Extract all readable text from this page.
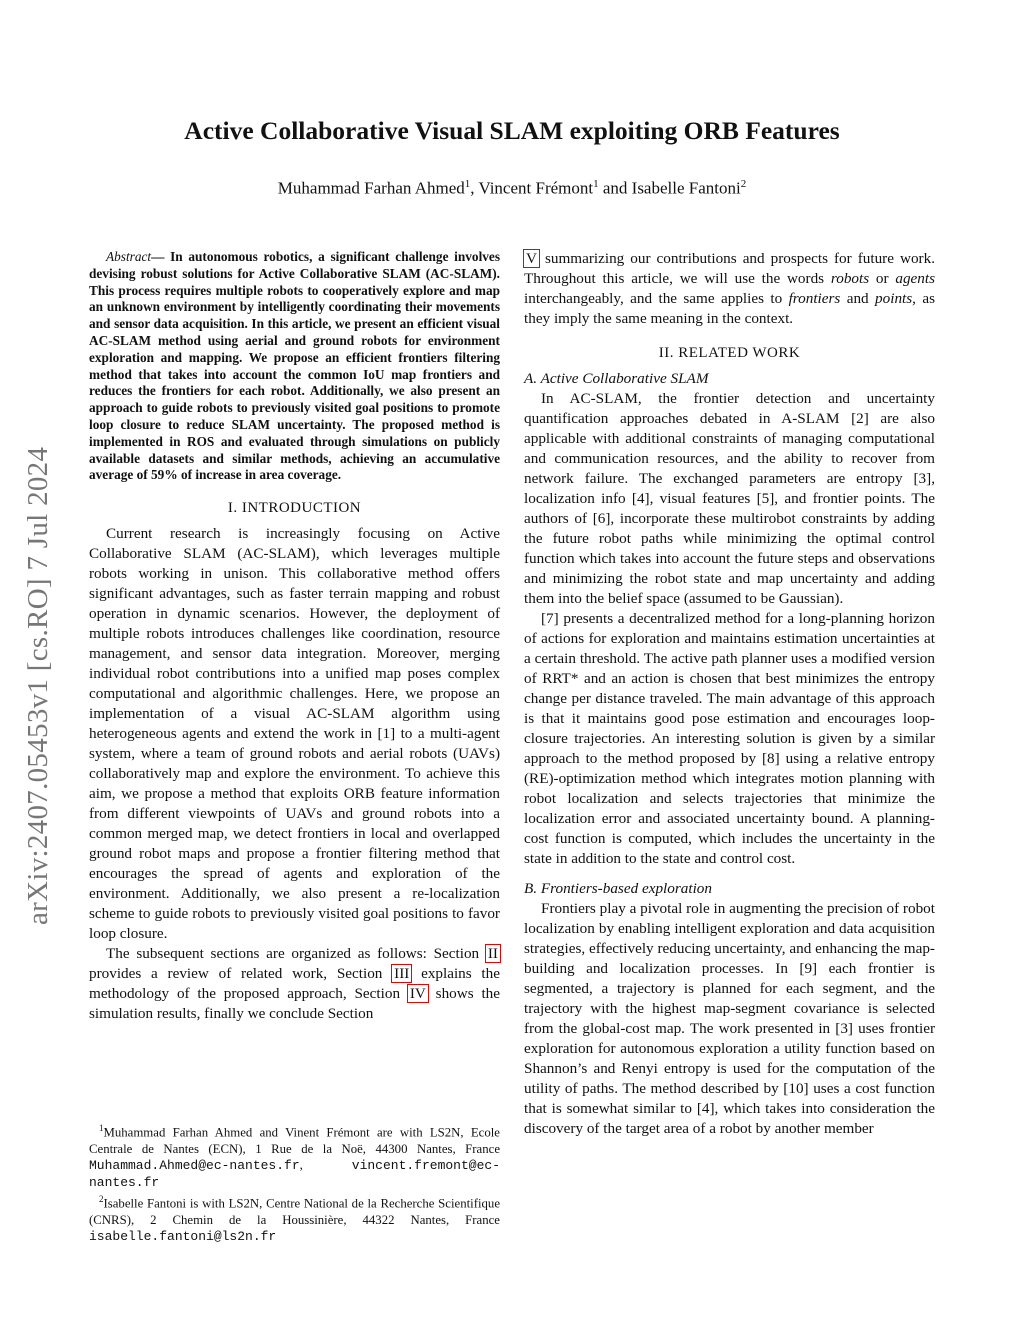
arXiv:2407.05453v1 [cs.RO] 7 Jul 2024
Active Collaborative Visual SLAM exploiting ORB Features
Muhammad Farhan Ahmed$^1$, Vincent Frémont$^1$ and Isabelle Fantoni$^2$

Abstract— In autonomous robotics, a significant challenge involves devising robust solutions for Active Collaborative SLAM (AC-SLAM). This process requires multiple robots to cooperatively explore and map an unknown environment by intelligently coordinating their movements and sensor data acquisition. In this article, we present an efficient visual AC-SLAM method using aerial and ground robots for environment exploration and mapping. We propose an efficient frontiers filtering method that takes into account the common IoU map frontiers and reduces the frontiers for each robot. Additionally, we also present an approach to guide robots to previously visited goal positions to promote loop closure to reduce SLAM uncertainty. The proposed method is implemented in ROS and evaluated through simulations on publicly available datasets and similar methods, achieving an accumulative average of 59% of increase in area coverage.

I. INTRODUCTION

Current research is increasingly focusing on Active Collaborative SLAM (AC-SLAM), which leverages multiple robots working in unison. This collaborative method offers significant advantages, such as faster terrain mapping and robust operation in dynamic scenarios. However, the deployment of multiple robots introduces challenges like coordination, resource management, and sensor data integration. Moreover, merging individual robot contributions into a unified map poses complex computational and algorithmic challenges. Here, we propose an implementation of a visual AC-SLAM algorithm using heterogeneous agents and extend the work in [1] to a multi-agent system, where a team of ground robots and aerial robots (UAVs) collaboratively map and explore the environment. To achieve this aim, we propose a method that exploits ORB feature information from different viewpoints of UAVs and ground robots into a common merged map, we detect frontiers in local and overlapped ground robot maps and propose a frontier filtering method that encourages the spread of agents and exploration of the environment. Additionally, we also present a re-localization scheme to guide robots to previously visited goal positions to favor loop closure.

The subsequent sections are organized as follows: Section II provides a review of related work, Section III explains the methodology of the proposed approach, Section IV shows the simulation results, finally we conclude Section

V summarizing our contributions and prospects for future work. Throughout this article, we will use the words robots or agents interchangeably, and the same applies to frontiers and points, as they imply the same meaning in the context.

II. RELATED WORK
A. Active Collaborative SLAM

In AC-SLAM, the frontier detection and uncertainty quantification approaches debated in A-SLAM [2] are also applicable with additional constraints of managing computational and communication resources, and the ability to recover from network failure. The exchanged parameters are entropy [3], localization info [4], visual features [5], and frontier points. The authors of [6], incorporate these multirobot constraints by adding the future robot paths while minimizing the optimal control function which takes into account the future steps and observations and minimizing the robot state and map uncertainty and adding them into the belief space (assumed to be Gaussian).

[7] presents a decentralized method for a long-planning horizon of actions for exploration and maintains estimation uncertainties at a certain threshold. The active path planner uses a modified version of RRT* and an action is chosen that best minimizes the entropy change per distance traveled. The main advantage of this approach is that it maintains good pose estimation and encourages loop-closure trajectories. An interesting solution is given by a similar approach to the method proposed by [8] using a relative entropy (RE)-optimization method which integrates motion planning with robot localization and selects trajectories that minimize the localization error and associated uncertainty bound. A planning-cost function is computed, which includes the uncertainty in the state in addition to the state and control cost.

B. Frontiers-based exploration

Frontiers play a pivotal role in augmenting the precision of robot localization by enabling intelligent exploration and data acquisition strategies, effectively reducing uncertainty, and enhancing the map-building and localization processes. In [9] each frontier is segmented, a trajectory is planned for each segment, and the trajectory with the highest map-segment covariance is selected from the global-cost map. The work presented in [3] uses frontier exploration for autonomous exploration a utility function based on Shannon’s and Renyi entropy is used for the computation of the utility of paths. The method described by [10] uses a cost function that is somewhat similar to [4], which takes into consideration the discovery of the target area of a robot by another member

$^1$Muhammad Farhan Ahmed and Vinent Frémont are with LS2N, Ecole Centrale de Nantes (ECN), 1 Rue de la Noë, 44300 Nantes, France Muhammad.Ahmed@ec-nantes.fr, vincent.fremont@ec-nantes.fr

$^2$Isabelle Fantoni is with LS2N, Centre National de la Recherche Scientifique (CNRS), 2 Chemin de la Houssinière, 44322 Nantes, France isabelle.fantoni@ls2n.fr
